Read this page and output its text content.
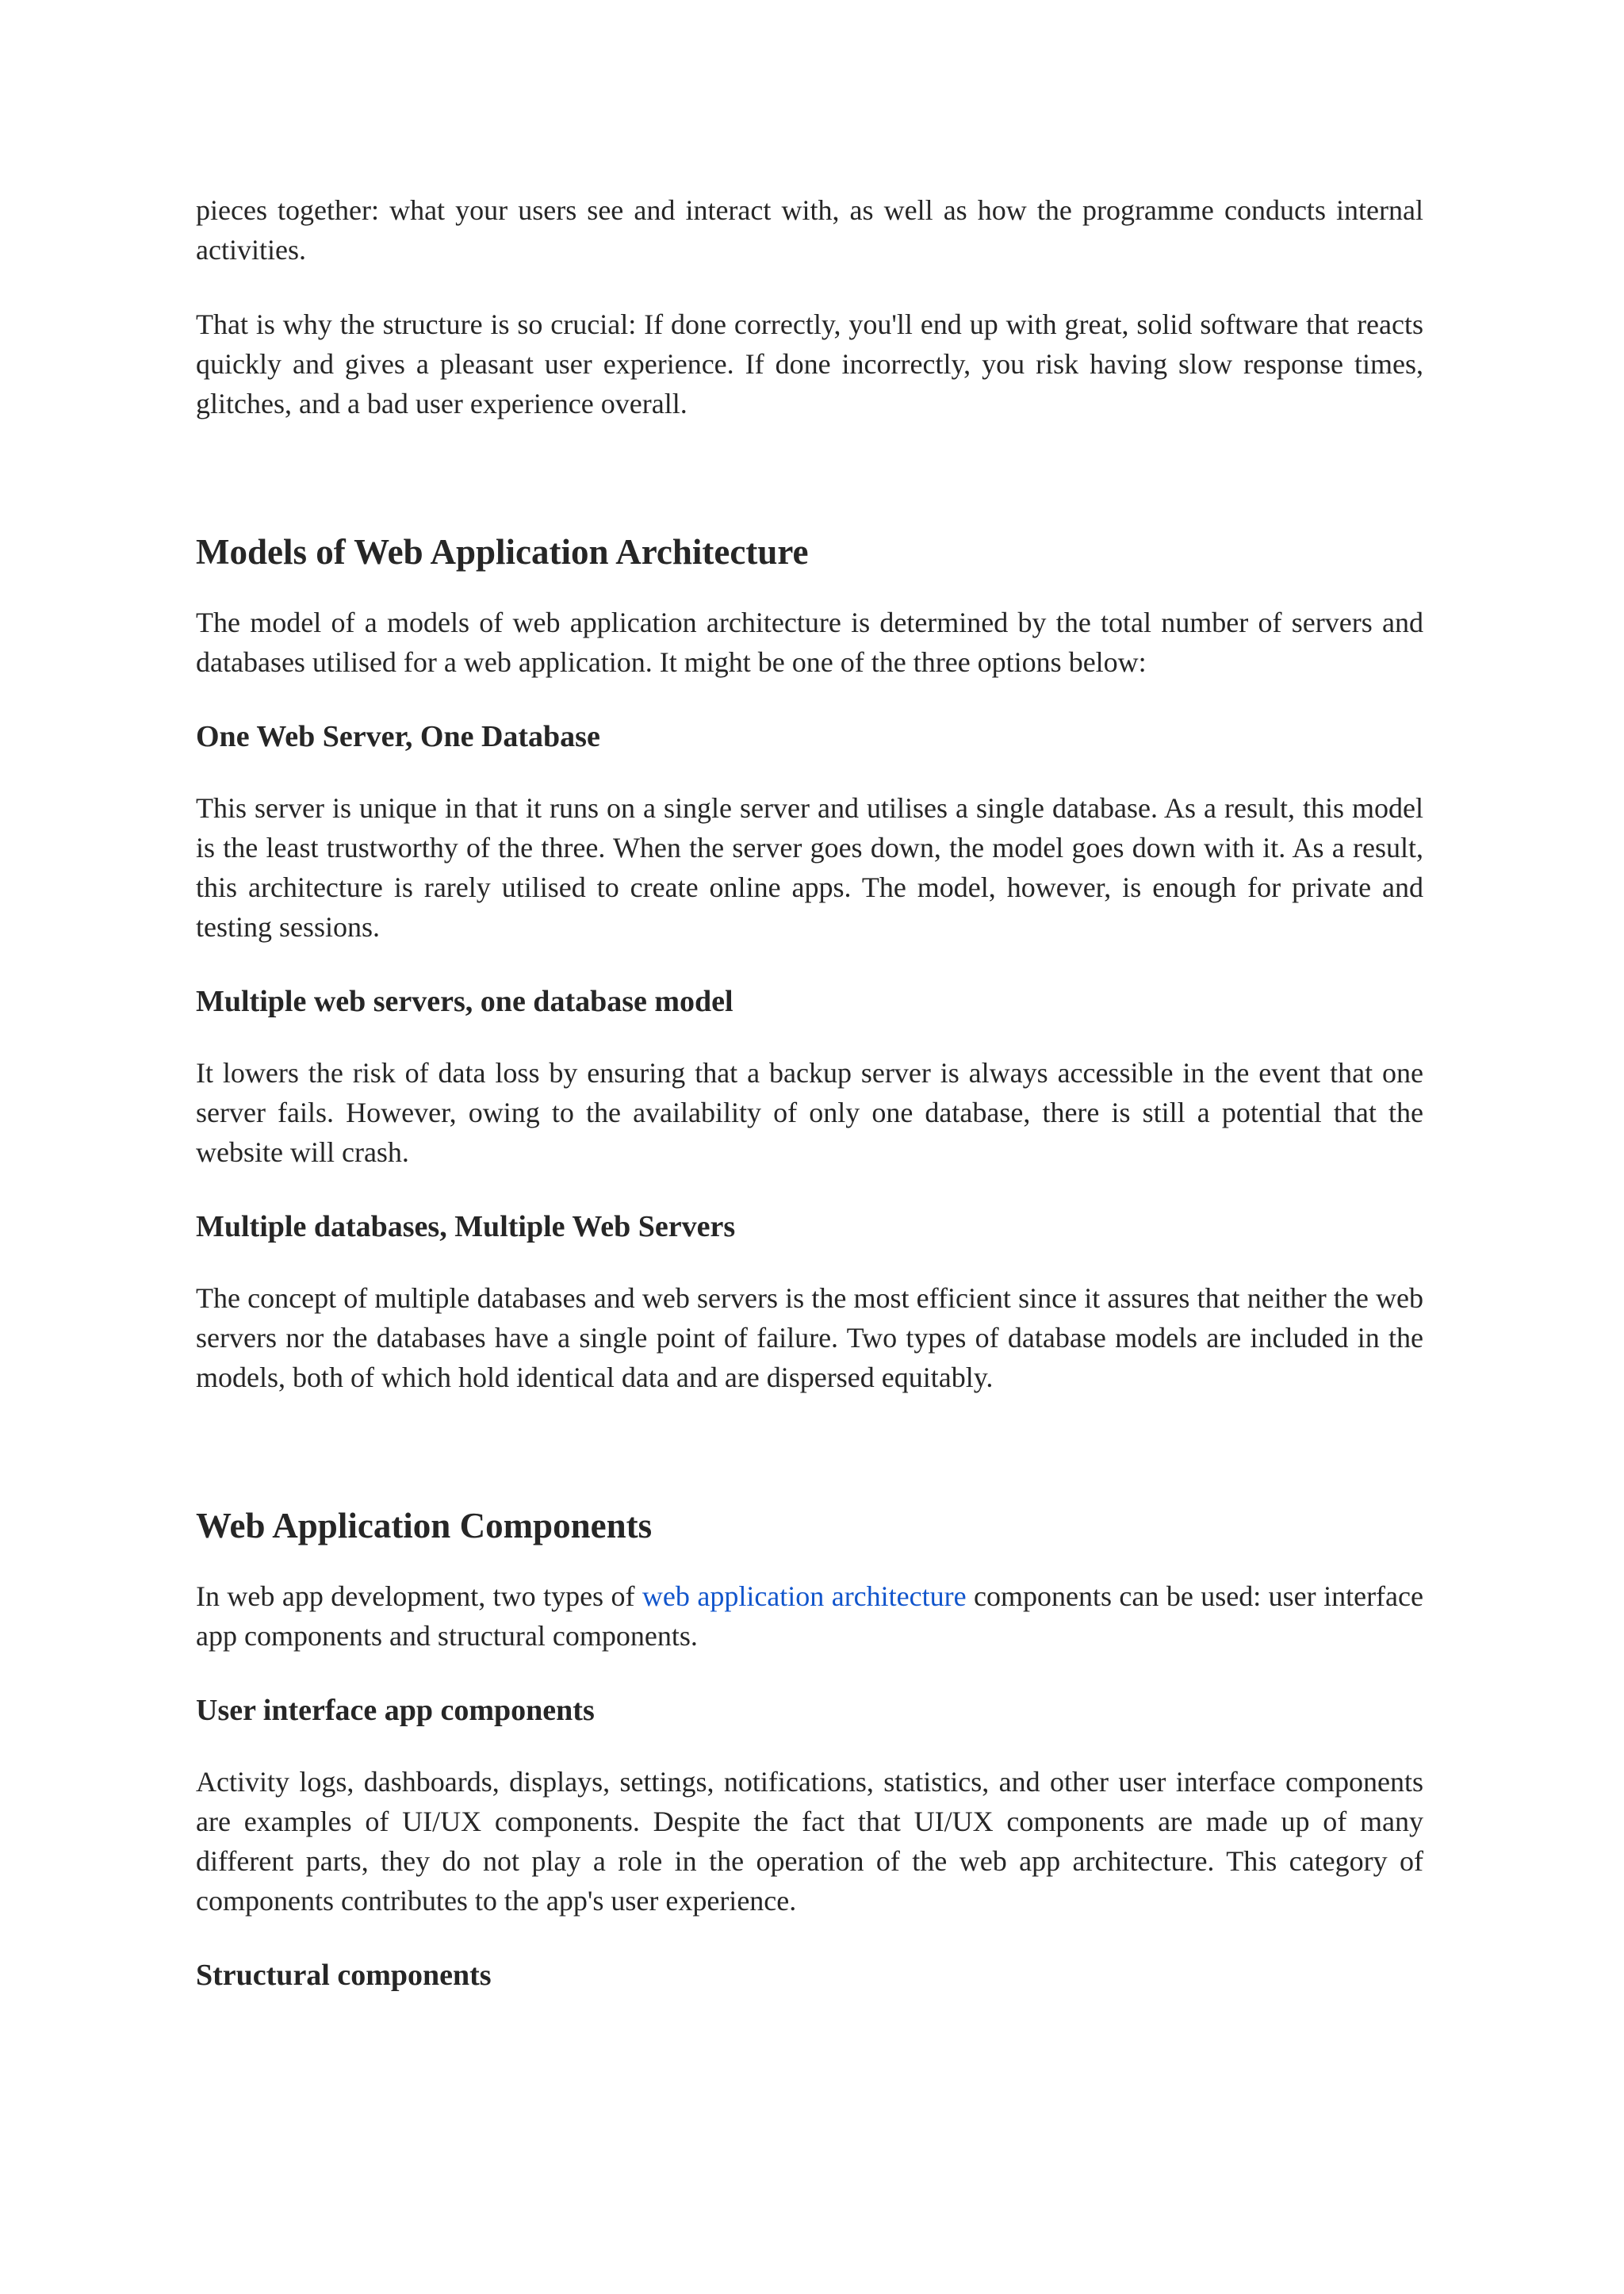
pieces together: what your users see and interact with, as well as how the programme conducts internal activities.

That is why the structure is so crucial: If done correctly, you'll end up with great, solid software that reacts quickly and gives a pleasant user experience. If done incorrectly, you risk having slow response times, glitches, and a bad user experience overall.

Models of Web Application Architecture

The model of a models of web application architecture is determined by the total number of servers and databases utilised for a web application. It might be one of the three options below:

One Web Server, One Database

This server is unique in that it runs on a single server and utilises a single database. As a result, this model is the least trustworthy of the three. When the server goes down, the model goes down with it. As a result, this architecture is rarely utilised to create online apps. The model, however, is enough for private and testing sessions.

Multiple web servers, one database model

It lowers the risk of data loss by ensuring that a backup server is always accessible in the event that one server fails. However, owing to the availability of only one database, there is still a potential that the website will crash.

Multiple databases, Multiple Web Servers

The concept of multiple databases and web servers is the most efficient since it assures that neither the web servers nor the databases have a single point of failure. Two types of database models are included in the models, both of which hold identical data and are dispersed equitably.

Web Application Components

In web app development, two types of web application architecture components can be used: user interface app components and structural components.

User interface app components

Activity logs, dashboards, displays, settings, notifications, statistics, and other user interface components are examples of UI/UX components. Despite the fact that UI/UX components are made up of many different parts, they do not play a role in the operation of the web app architecture. This category of components contributes to the app's user experience.

Structural components
